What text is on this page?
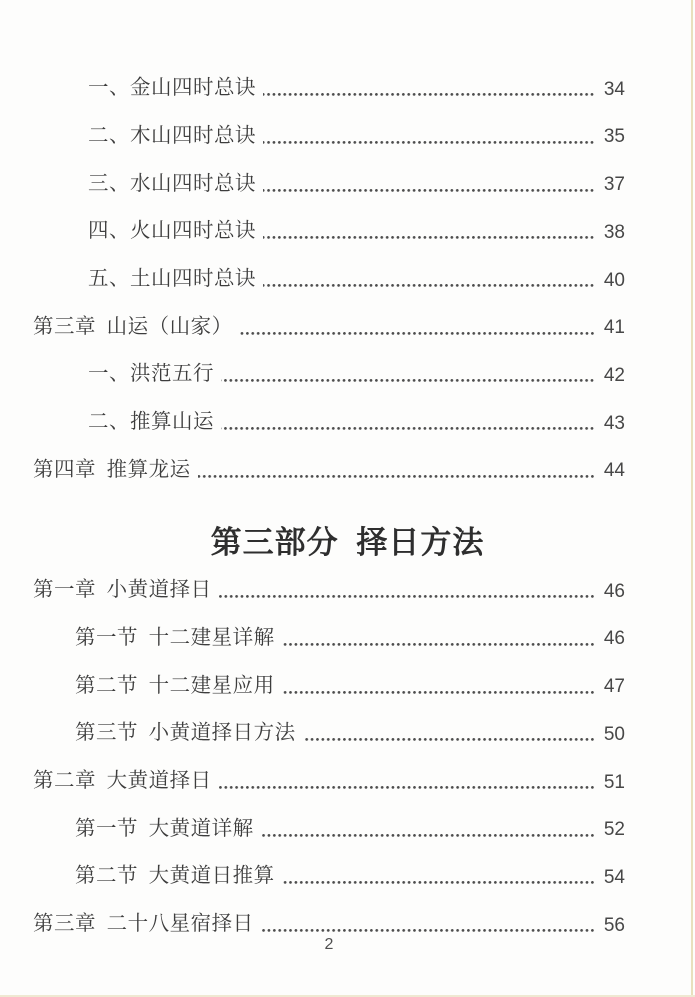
一、金山四时总诀	34
二、木山四时总诀	35
三、水山四时总诀	37
四、火山四时总诀	38
五、土山四时总诀	40
第三章 山运（山家）	41
一、洪范五行	42
二、推算山运	43
第四章 推算龙运	44
第三部分 择日方法
第一章 小黄道择日	46
第一节 十二建星详解	46
第二节 十二建星应用	47
第三节 小黄道择日方法	50
第二章 大黄道择日	51
第一节 大黄道详解	52
第二节 大黄道日推算	54
第三章 二十八星宿择日	56
2
